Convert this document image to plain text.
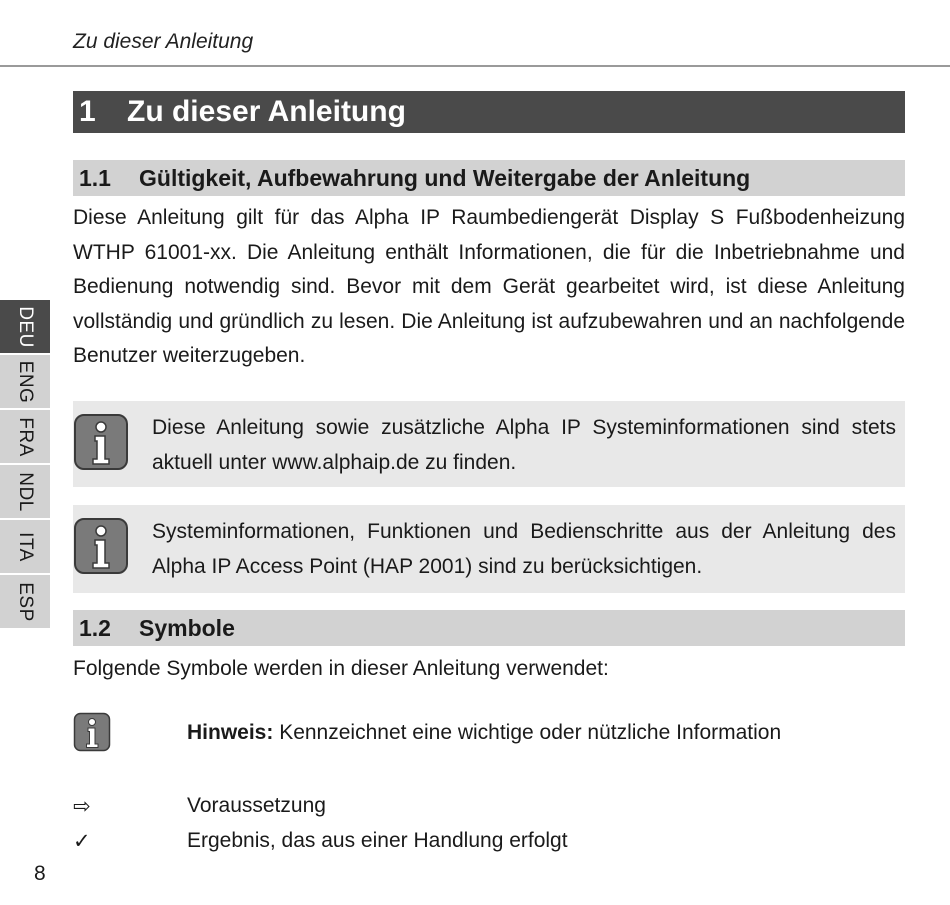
Zu dieser Anleitung
1	Zu dieser Anleitung
1.1	Gültigkeit, Aufbewahrung und Weitergabe der Anleitung

Diese Anleitung gilt für das Alpha IP Raumbediengerät Display S Fußbodenheizung WTHP 61001-xx. Die Anleitung enthält Informationen, die für die Inbetriebnahme und Bedienung notwendig sind. Bevor mit dem Gerät gearbeitet wird, ist diese Anleitung vollständig und gründlich zu lesen. Die Anleitung ist aufzubewahren und an nachfolgende Benutzer weiterzugeben.

Diese Anleitung sowie zusätzliche Alpha IP Systeminformationen sind stets aktuell unter www.alphaip.de zu finden.

Systeminformationen, Funktionen und Bedienschritte aus der Anleitung des Alpha IP Access Point (HAP 2001) sind zu berücksichtigen.

1.2	Symbole

Folgende Symbole werden in dieser Anleitung verwendet:

Hinweis: Kennzeichnet eine wichtige oder nützliche Information
⇨	Voraussetzung
✓	Ergebnis, das aus einer Handlung erfolgt
8
DEU
ENG
FRA
NDL
ITA
ESP
